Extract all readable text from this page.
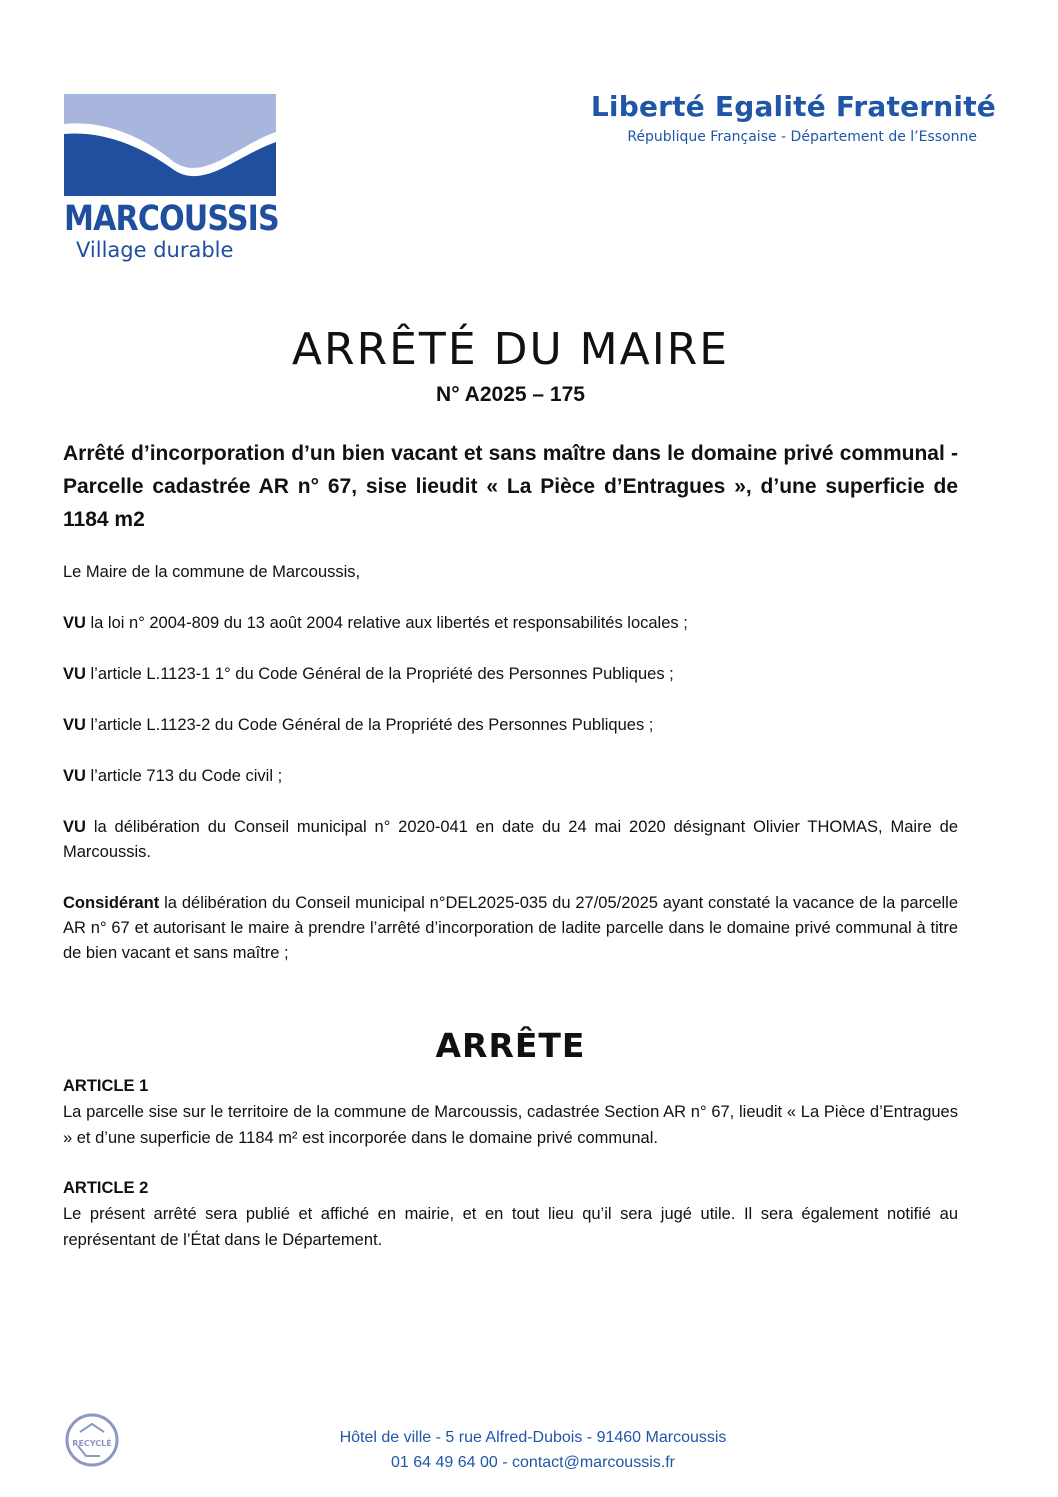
MARCOUSSIS
Village durable
Liberté Egalité Fraternité
République Française - Département de l’Essonne
ARRÊTÉ DU MAIRE
N° A2025 – 175
Arrêté d’incorporation d’un bien vacant et sans maître dans le domaine privé communal - Parcelle cadastrée AR n° 67, sise lieudit « La Pièce d’Entragues », d’une superficie de 1184 m2

Le Maire de la commune de Marcoussis,

VU la loi n° 2004-809 du 13 août 2004 relative aux libertés et responsabilités locales ;

VU l’article L.1123-1 1° du Code Général de la Propriété des Personnes Publiques ;

VU l’article L.1123-2 du Code Général de la Propriété des Personnes Publiques ;

VU l’article 713 du Code civil ;

VU la délibération du Conseil municipal n° 2020-041 en date du 24 mai 2020 désignant Olivier THOMAS, Maire de Marcoussis.

Considérant la délibération du Conseil municipal n°DEL2025-035 du 27/05/2025 ayant constaté la vacance de la parcelle AR n° 67 et autorisant le maire à prendre l’arrêté d’incorporation de ladite parcelle dans le domaine privé communal à titre de bien vacant et sans maître ;

ARRÊTE
ARTICLE 1

La parcelle sise sur le territoire de la commune de Marcoussis, cadastrée Section AR n° 67, lieudit « La Pièce d’Entragues » et d’une superficie de 1184 m² est incorporée dans le domaine privé communal.

ARTICLE 2

Le présent arrêté sera publié et affiché en mairie, et en tout lieu qu’il sera jugé utile. Il sera également notifié au représentant de l’État dans le Département.

RECYCLÉ	Hôtel de ville - 5 rue Alfred-Dubois - 91460 Marcoussis
01 64 49 64 00 - contact@marcoussis.fr
